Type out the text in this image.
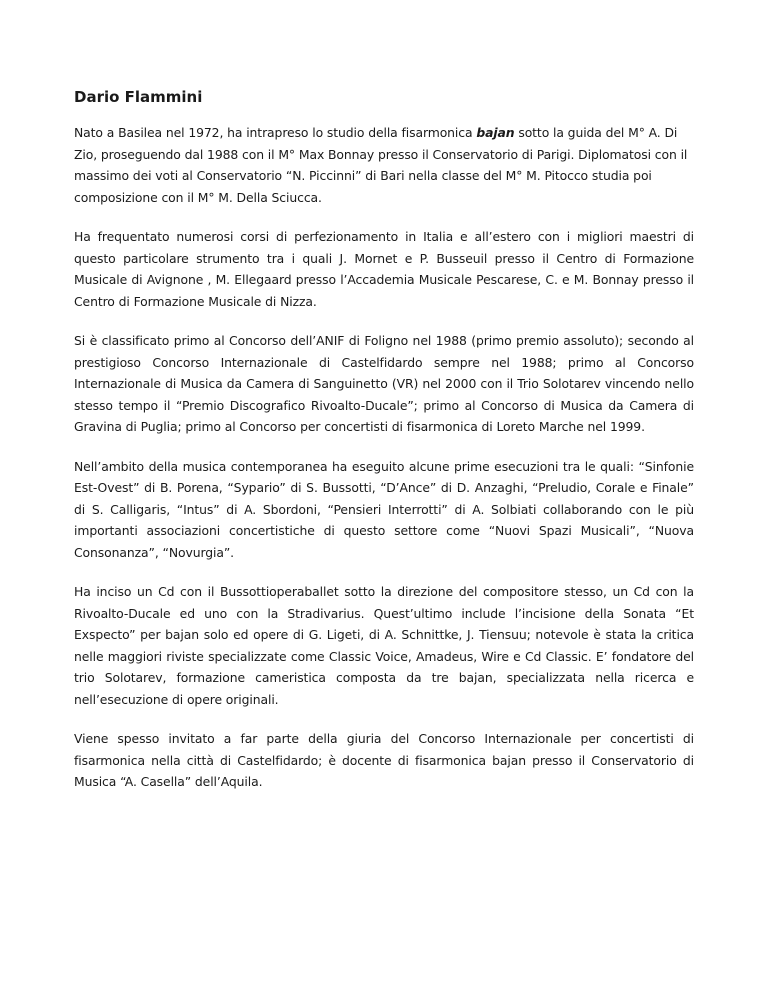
Dario Flammini

Nato a Basilea nel 1972, ha intrapreso lo studio della fisarmonica bajan sotto la guida del M° A. Di Zio, proseguendo dal 1988 con il M° Max Bonnay presso il Conservatorio di Parigi. Diplomatosi con il massimo dei voti al Conservatorio “N. Piccinni” di Bari nella classe del M° M. Pitocco studia poi composizione con il M° M. Della Sciucca.

Ha frequentato numerosi corsi di perfezionamento in Italia e all’estero con i migliori maestri di questo particolare strumento tra i quali J. Mornet e P. Busseuil presso il Centro di Formazione Musicale di Avignone , M. Ellegaard presso l’Accademia Musicale Pescarese, C. e M. Bonnay presso il Centro di Formazione Musicale di Nizza.

Si è classificato primo al Concorso dell’ANIF di Foligno nel 1988 (primo premio assoluto); secondo al prestigioso Concorso Internazionale di Castelfidardo sempre nel 1988; primo al Concorso Internazionale di Musica da Camera di Sanguinetto (VR) nel 2000 con il Trio Solotarev vincendo nello stesso tempo il “Premio Discografico Rivoalto-Ducale”; primo al Concorso di Musica da Camera di Gravina di Puglia; primo al Concorso per concertisti di fisarmonica di Loreto Marche nel 1999.

Nell’ambito della musica contemporanea ha eseguito alcune prime esecuzioni tra le quali: “Sinfonie Est-Ovest” di B. Porena, “Sypario” di S. Bussotti, “D’Ance” di D. Anzaghi, “Preludio, Corale e Finale” di S. Calligaris, “Intus” di A. Sbordoni, “Pensieri Interrotti” di A. Solbiati collaborando con le più importanti associazioni concertistiche di questo settore come “Nuovi Spazi Musicali”, “Nuova Consonanza”, “Novurgia”.

Ha inciso un Cd con il Bussottioperaballet sotto la direzione del compositore stesso, un Cd con la Rivoalto-Ducale ed uno con la Stradivarius. Quest’ultimo include l’incisione della Sonata “Et Exspecto” per bajan solo ed opere di G. Ligeti, di A. Schnittke, J. Tiensuu; notevole è stata la critica nelle maggiori riviste specializzate come Classic Voice, Amadeus, Wire e Cd Classic. E’ fondatore del trio Solotarev, formazione cameristica composta da tre bajan, specializzata nella ricerca e nell’esecuzione di opere originali.

Viene spesso invitato a far parte della giuria del Concorso Internazionale per concertisti di fisarmonica nella città di Castelfidardo; è docente di fisarmonica bajan presso il Conservatorio di Musica “A. Casella” dell’Aquila.
